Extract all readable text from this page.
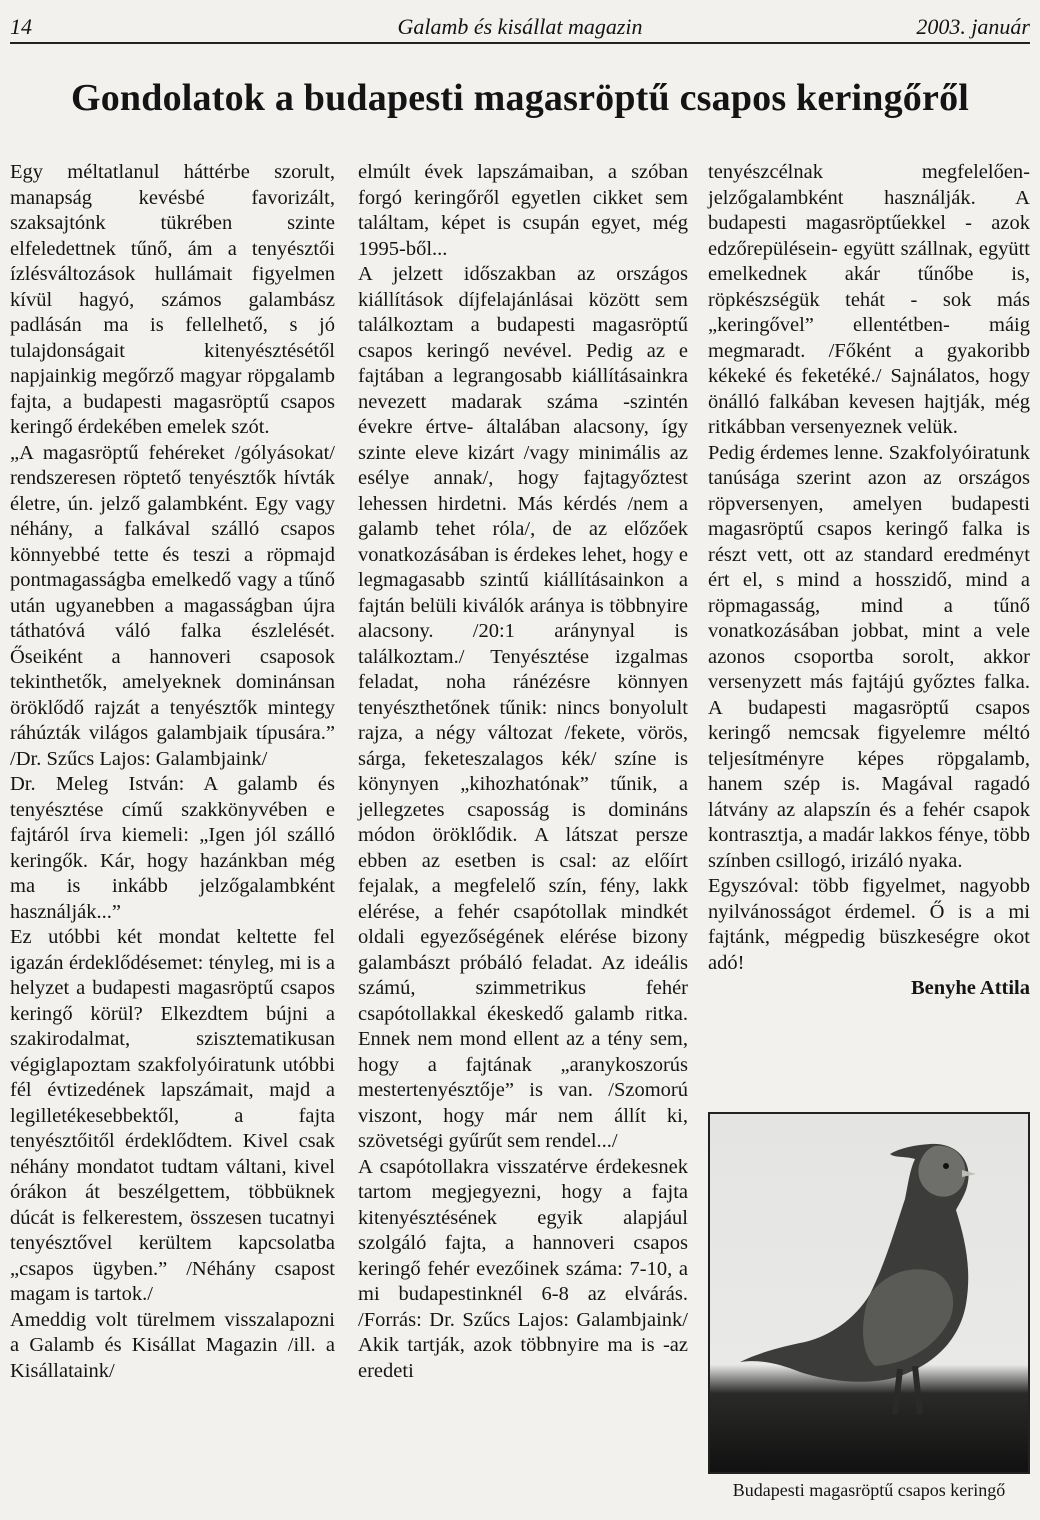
14	Galamb és kisállat magazin	2003. január
Gondolatok a budapesti magasröptű csapos keringőről

Egy méltatlanul háttérbe szorult, manapság kevésbé favorizált, szaksajtónk tükrében szinte elfeledettnek tűnő, ám a tenyésztői ízlésváltozások hullámait figyelmen kívül hagyó, számos galambász padlásán ma is fellelhető, s jó tulajdonságait kitenyésztésétől napjainkig megőrző magyar röpgalamb fajta, a budapesti magasröptű csapos keringő érdekében emelek szót.

„A magasröptű fehéreket /gólyásokat/ rendszeresen röptető tenyésztők hívták életre, ún. jelző galambként. Egy vagy néhány, a falkával szálló csapos könnyebbé tette és teszi a röpmajd pontmagasságba emelkedő vagy a tűnő után ugyanebben a magasságban újra táthatóvá váló falka észlelését. Őseiként a hannoveri csaposok tekinthetők, amelyeknek dominánsan öröklődő rajzát a tenyésztők mintegy ráhúzták világos galambjaik típusára.” /Dr. Szűcs Lajos: Galambjaink/

Dr. Meleg István: A galamb és tenyésztése című szakkönyvében e fajtáról írva kiemeli: „Igen jól szálló keringők. Kár, hogy hazánkban még ma is inkább jelzőgalambként használják...”

Ez utóbbi két mondat keltette fel igazán érdeklődésemet: tényleg, mi is a helyzet a budapesti magasröptű csapos keringő körül? Elkezdtem bújni a szakirodalmat, szisztematikusan végiglapoztam szakfolyóiratunk utóbbi fél évtizedének lapszámait, majd a legilletékesebbektől, a fajta tenyésztőitől érdeklődtem. Kivel csak néhány mondatot tudtam váltani, kivel órákon át beszélgettem, többüknek dúcát is felkerestem, összesen tucatnyi tenyésztővel kerültem kapcsolatba „csapos ügyben.” /Néhány csapost magam is tartok./

Ameddig volt türelmem visszalapozni a Galamb és Kisállat Magazin /ill. a Kisállataink/

elmúlt évek lapszámaiban, a szóban forgó keringőről egyetlen cikket sem találtam, képet is csupán egyet, még 1995-ből...

A jelzett időszakban az országos kiállítások díjfelajánlásai között sem találkoztam a budapesti magasröptű csapos keringő nevével. Pedig az e fajtában a legrangosabb kiállításainkra nevezett madarak száma -szintén évekre értve- általában alacsony, így szinte eleve kizárt /vagy minimális az esélye annak/, hogy fajtagyőztest lehessen hirdetni. Más kérdés /nem a galamb tehet róla/, de az előzőek vonatkozásában is érdekes lehet, hogy e legmagasabb szintű kiállításainkon a fajtán belüli kiválók aránya is többnyire alacsony. /20:1 aránynyal is találkoztam./ Tenyésztése izgalmas feladat, noha ránézésre könnyen tenyészthetőnek tűnik: nincs bonyolult rajza, a négy változat /fekete, vörös, sárga, feketeszalagos kék/ színe is könynyen „kihozhatónak” tűnik, a jellegzetes csaposság is domináns módon öröklődik. A látszat persze ebben az esetben is csal: az előírt fejalak, a megfelelő szín, fény, lakk elérése, a fehér csapótollak mindkét oldali egyezőségének elérése bizony galambászt próbáló feladat. Az ideális számú, szimmetrikus fehér csapótollakkal ékeskedő galamb ritka. Ennek nem mond ellent az a tény sem, hogy a fajtának „aranykoszorús mestertenyésztője” is van. /Szomorú viszont, hogy már nem állít ki, szövetségi gyűrűt sem rendel.../

A csapótollakra visszatérve érdekesnek tartom megjegyezni, hogy a fajta kitenyésztésének egyik alapjául szolgáló fajta, a hannoveri csapos keringő fehér evezőinek száma: 7-10, a mi budapestinknél 6-8 az elvárás. /Forrás: Dr. Szűcs Lajos: Galambjaink/ Akik tartják, azok többnyire ma is -az eredeti

tenyészcélnak megfelelően- jelzőgalambként használják. A budapesti magasröptűekkel - azok edzőrepülésein- együtt szállnak, együtt emelkednek akár tűnőbe is, röpkészségük tehát - sok más „keringővel” ellentétben- máig megmaradt. /Főként a gyakoribb kékeké és feketéké./ Sajnálatos, hogy önálló falkában kevesen hajtják, még ritkábban versenyeznek velük.

Pedig érdemes lenne. Szakfolyóiratunk tanúsága szerint azon az országos röpversenyen, amelyen budapesti magasröptű csapos keringő falka is részt vett, ott az standard eredményt ért el, s mind a hosszidő, mind a röpmagasság, mind a tűnő vonatkozásában jobbat, mint a vele azonos csoportba sorolt, akkor versenyzett más fajtájú győztes falka. A budapesti magasröptű csapos keringő nemcsak figyelemre méltó teljesítményre képes röpgalamb, hanem szép is. Magával ragadó látvány az alapszín és a fehér csapok kontrasztja, a madár lakkos fénye, több színben csillogó, irizáló nyaka.

Egyszóval: több figyelmet, nagyobb nyilvánosságot érdemel. Ő is a mi fajtánk, mégpedig büszkeségre okot adó!

Benyhe Attila

Budapesti magasröptű csapos keringő
